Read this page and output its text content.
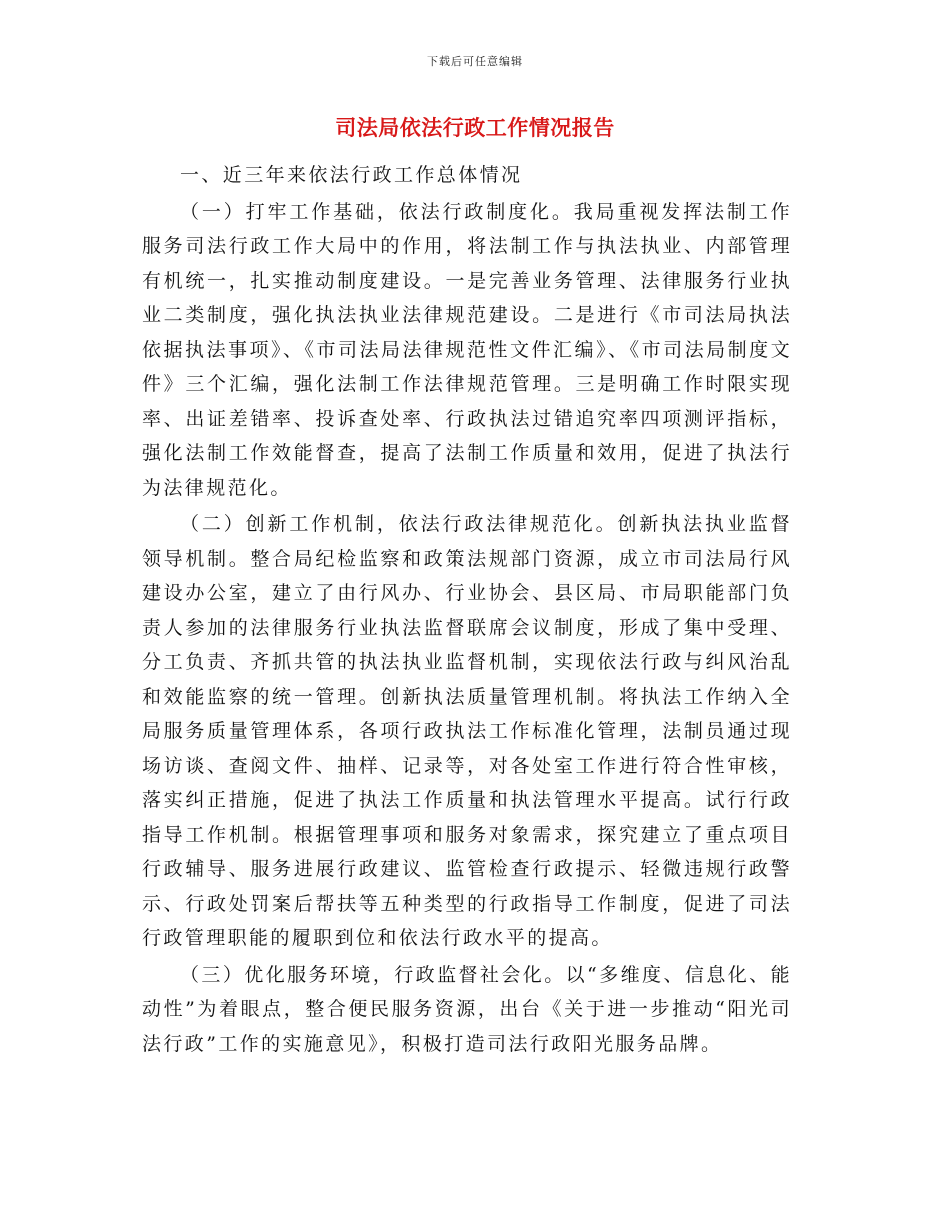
下载后可任意编辑
司法局依法行政工作情况报告

一、近三年来依法行政工作总体情况

（一）打牢工作基础，依法行政制度化。我局重视发挥法制工作服务司法行政工作大局中的作用，将法制工作与执法执业、内部管理有机统一，扎实推动制度建设。一是完善业务管理、法律服务行业执业二类制度，强化执法执业法律规范建设。二是进行《市司法局执法依据执法事项》、《市司法局法律规范性文件汇编》、《市司法局制度文件》三个汇编，强化法制工作法律规范管理。三是明确工作时限实现率、出证差错率、投诉查处率、行政执法过错追究率四项测评指标，强化法制工作效能督查，提高了法制工作质量和效用，促进了执法行为法律规范化。

（二）创新工作机制，依法行政法律规范化。创新执法执业监督领导机制。整合局纪检监察和政策法规部门资源，成立市司法局行风建设办公室，建立了由行风办、行业协会、县区局、市局职能部门负责人参加的法律服务行业执法监督联席会议制度，形成了集中受理、分工负责、齐抓共管的执法执业监督机制，实现依法行政与纠风治乱和效能监察的统一管理。创新执法质量管理机制。将执法工作纳入全局服务质量管理体系，各项行政执法工作标准化管理，法制员通过现场访谈、查阅文件、抽样、记录等，对各处室工作进行符合性审核，落实纠正措施，促进了执法工作质量和执法管理水平提高。试行行政指导工作机制。根据管理事项和服务对象需求，探究建立了重点项目行政辅导、服务进展行政建议、监管检查行政提示、轻微违规行政警示、行政处罚案后帮扶等五种类型的行政指导工作制度，促进了司法行政管理职能的履职到位和依法行政水平的提高。

（三）优化服务环境，行政监督社会化。以“多维度、信息化、能动性”为着眼点，整合便民服务资源，出台《关于进一步推动“阳光司法行政”工作的实施意见》，积极打造司法行政阳光服务品牌。
